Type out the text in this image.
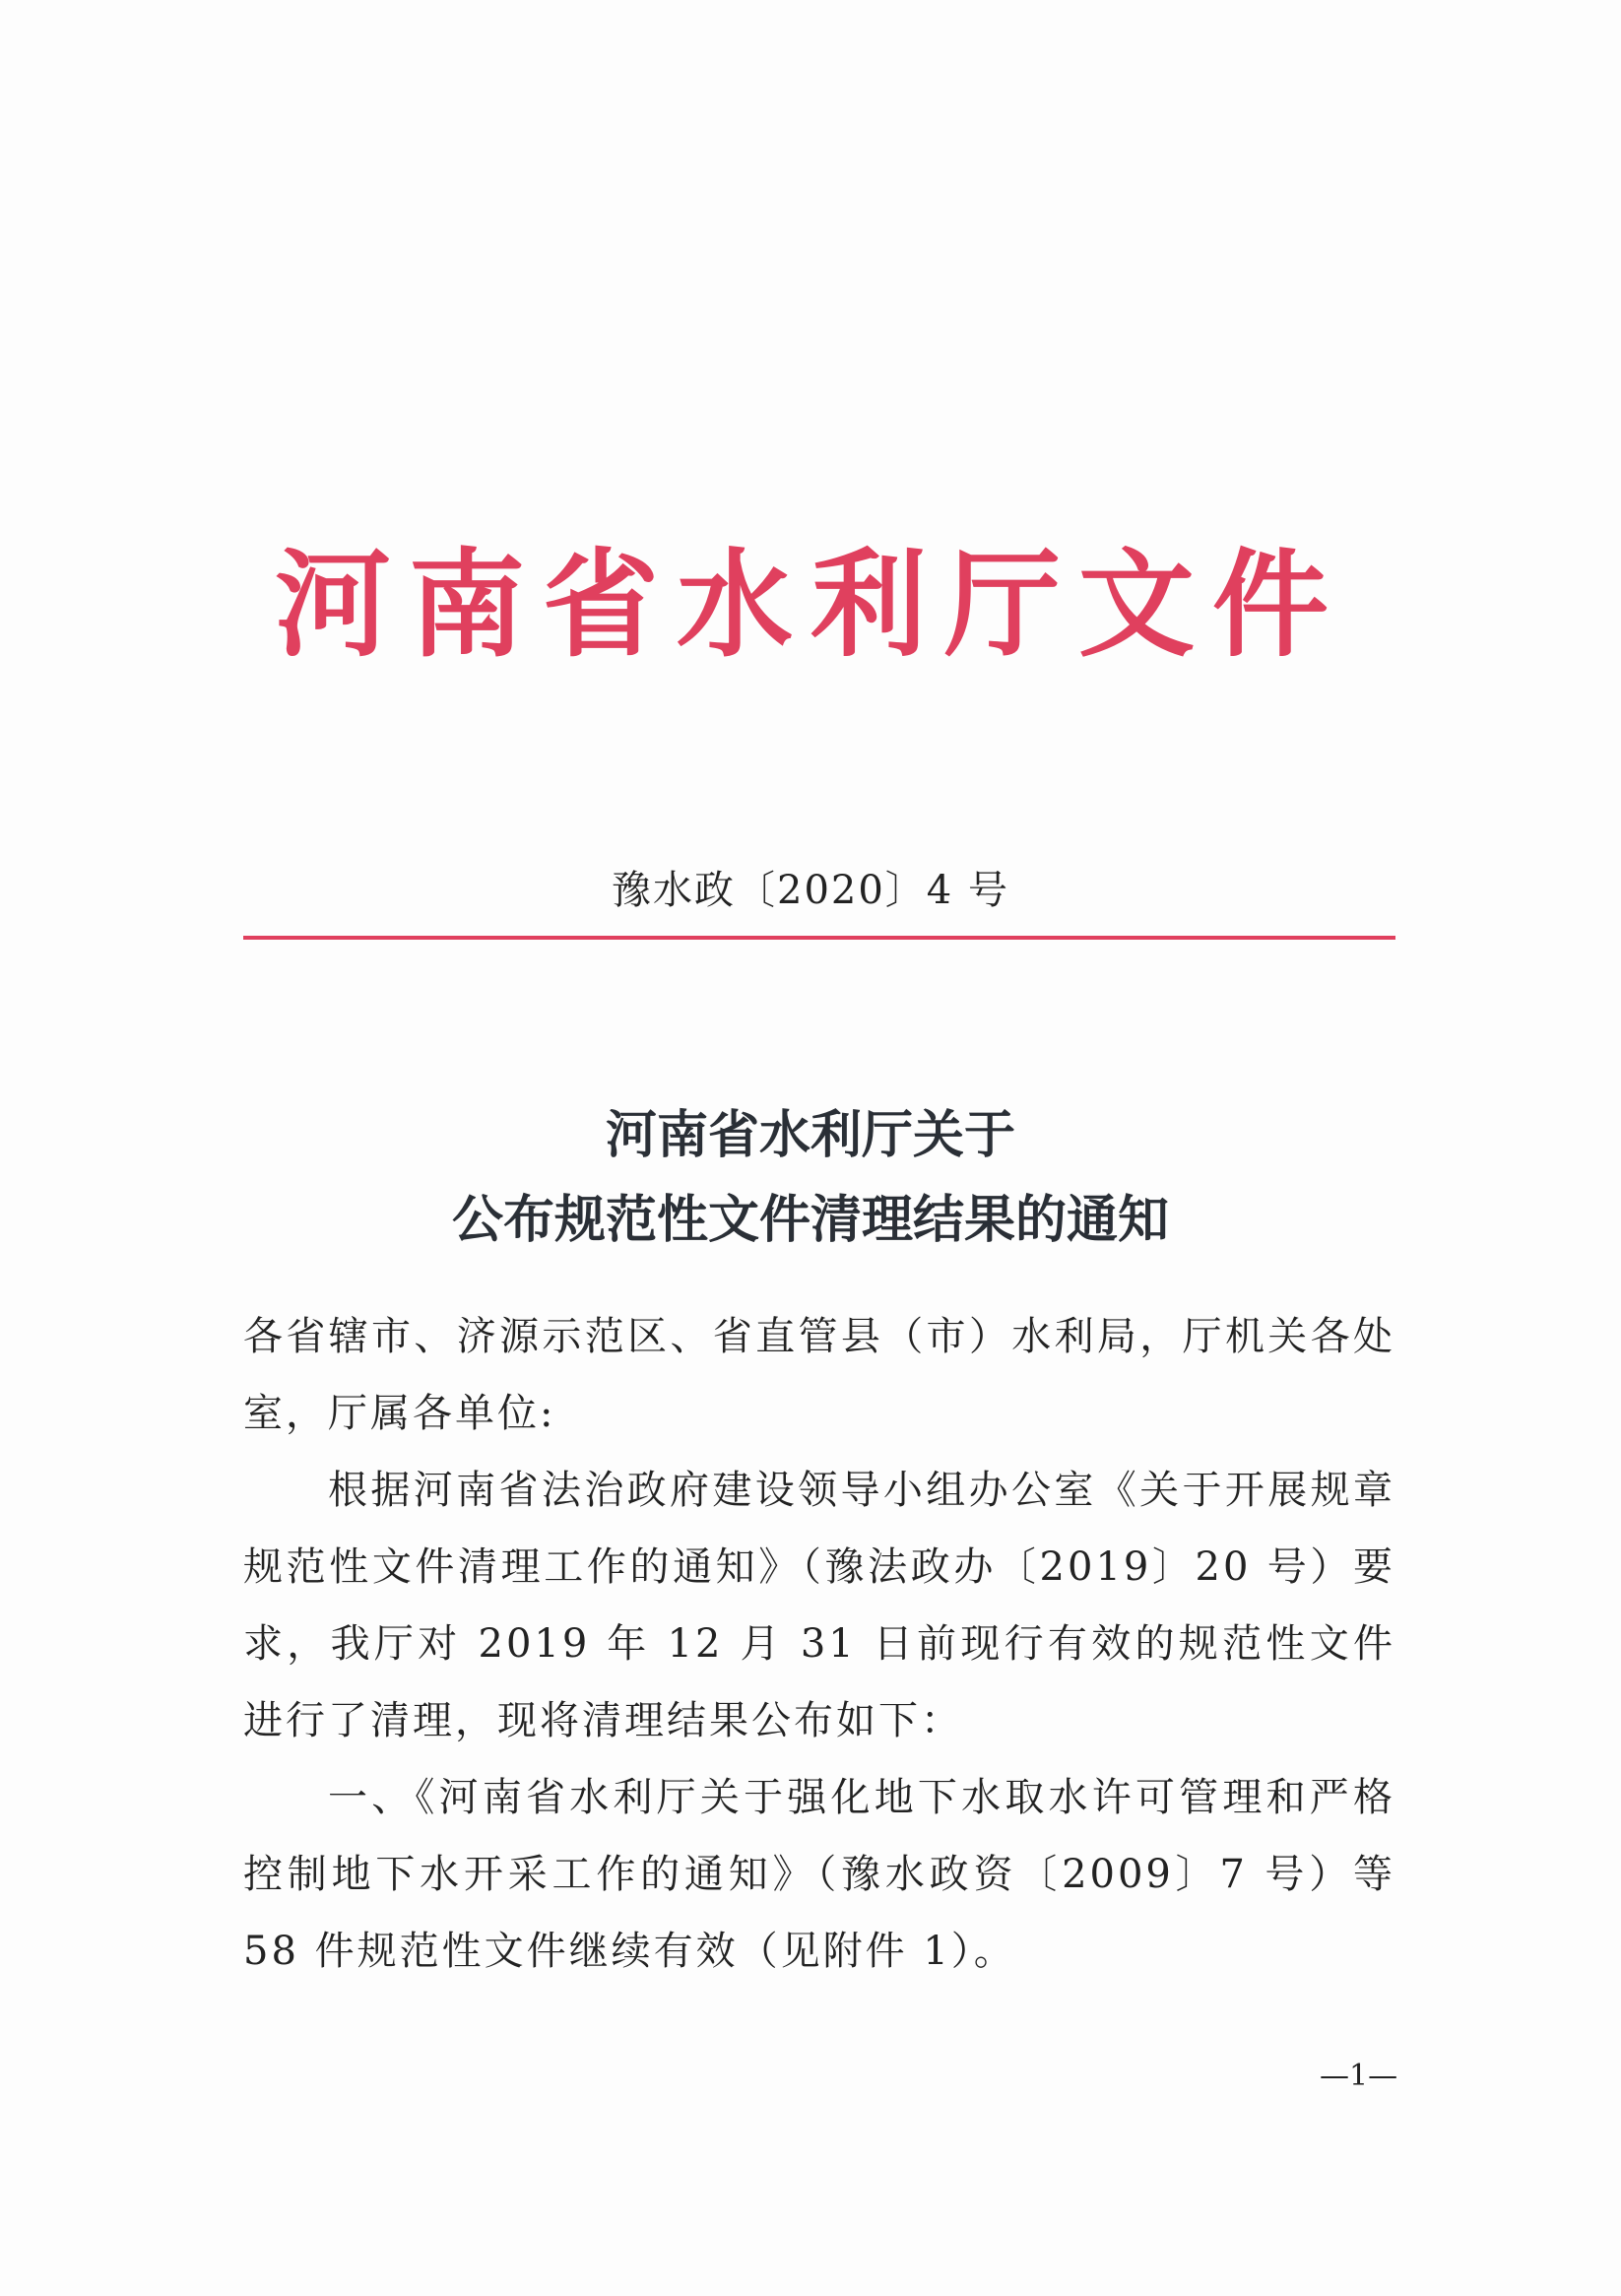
河南省水利厅文件
豫水政〔2020〕4 号
河南省水利厅关于
公布规范性文件清理结果的通知

各省辖市、济源示范区、省直管县（市）水利局，厅机关各处室，厅属各单位:

根据河南省法治政府建设领导小组办公室《关于开展规章规范性文件清理工作的通知》（豫法政办〔2019〕20 号）要求，我厅对 2019 年 12 月 31 日前现行有效的规范性文件进行了清理，现将清理结果公布如下：

一、《河南省水利厅关于强化地下水取水许可管理和严格控制地下水开采工作的通知》（豫水政资〔2009〕7 号）等 58 件规范性文件继续有效（见附件 1）。

—1—
